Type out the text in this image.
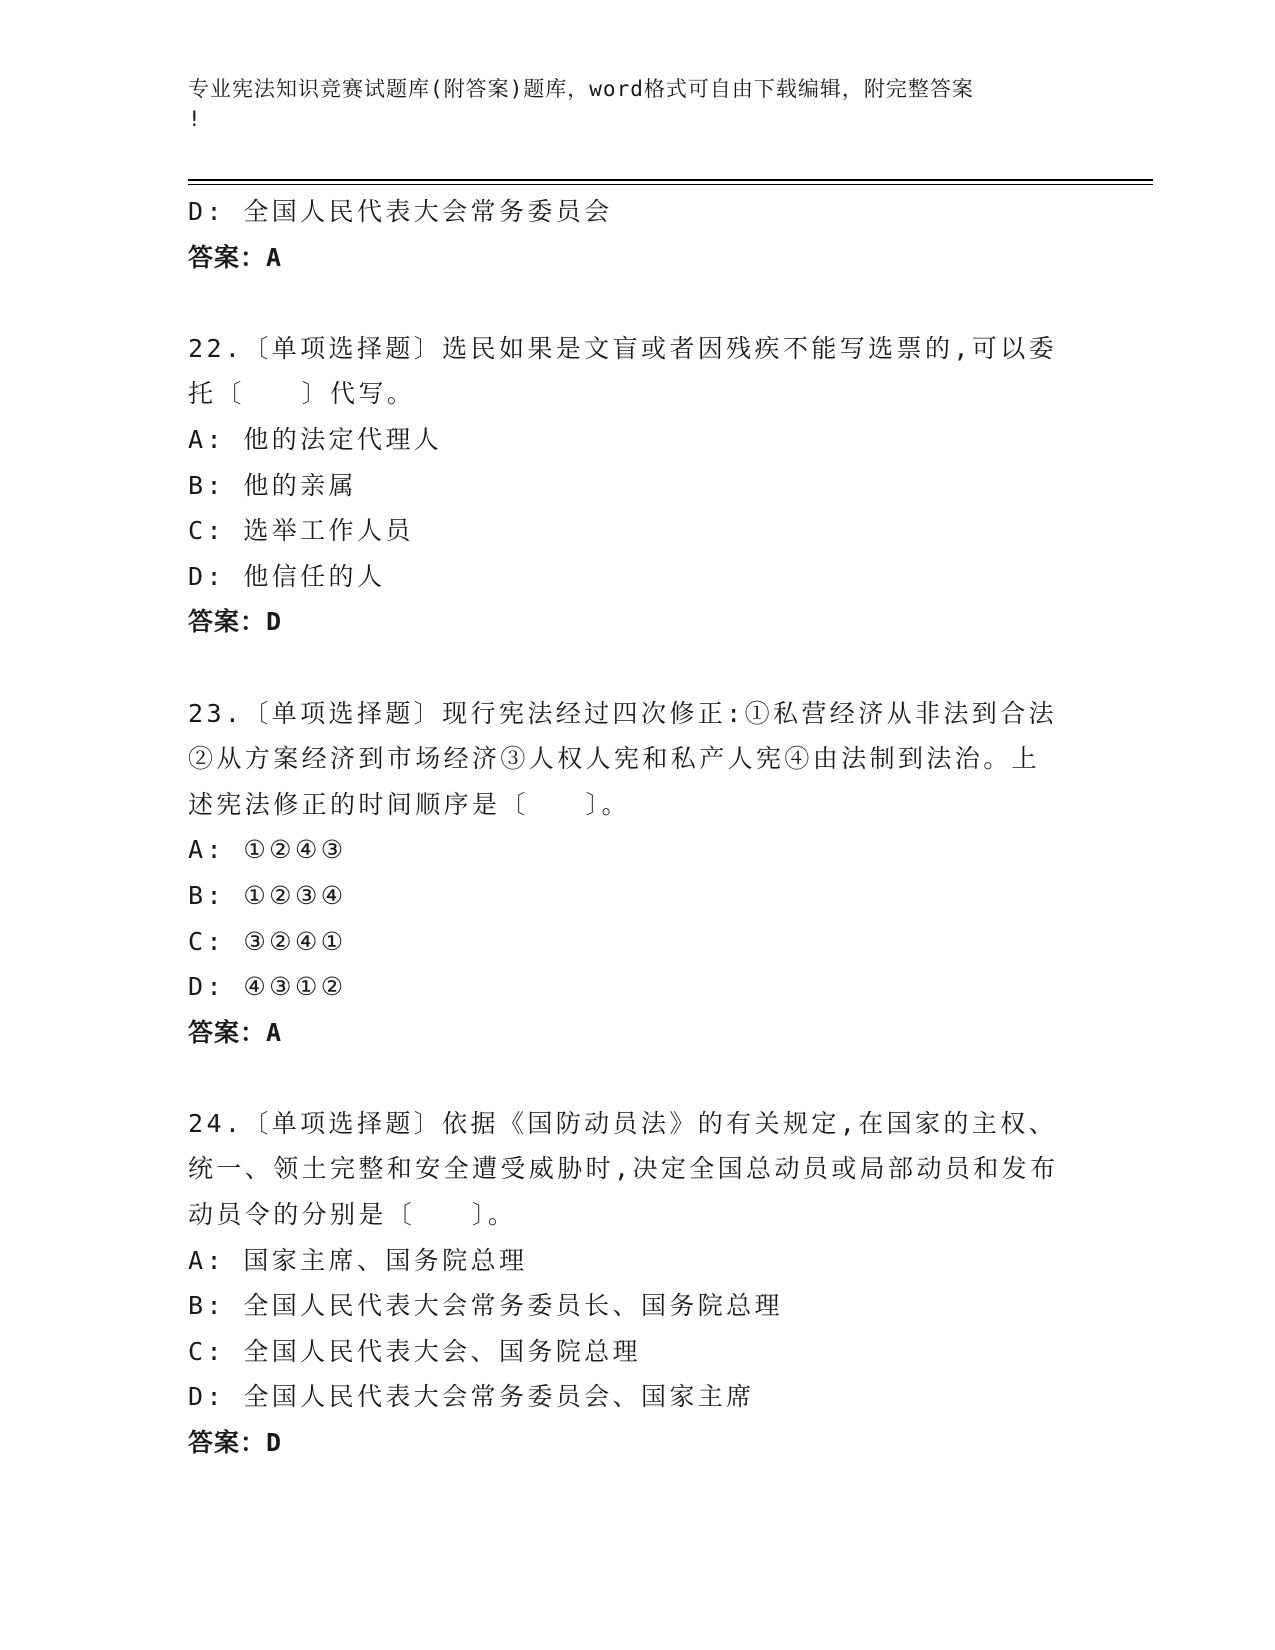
专业宪法知识竞赛试题库(附答案)题库，word格式可自由下载编辑，附完整答案
!
D: 全国人民代表大会常务委员会
答案：A
22.〔单项选择题〕选民如果是文盲或者因残疾不能写选票的,可以委
托〔　　〕代写。
A: 他的法定代理人
B: 他的亲属
C: 选举工作人员
D: 他信任的人
答案：D
23.〔单项选择题〕现行宪法经过四次修正:①私营经济从非法到合法
②从方案经济到市场经济③人权人宪和私产人宪④由法制到法治。上
述宪法修正的时间顺序是〔　　〕。
A: ①②④③
B: ①②③④
C: ③②④①
D: ④③①②
答案：A
24.〔单项选择题〕依据《国防动员法》的有关规定,在国家的主权、
统一、领土完整和安全遭受威胁时,决定全国总动员或局部动员和发布
动员令的分别是〔　　〕。
A: 国家主席、国务院总理
B: 全国人民代表大会常务委员长、国务院总理
C: 全国人民代表大会、国务院总理
D: 全国人民代表大会常务委员会、国家主席
答案：D
